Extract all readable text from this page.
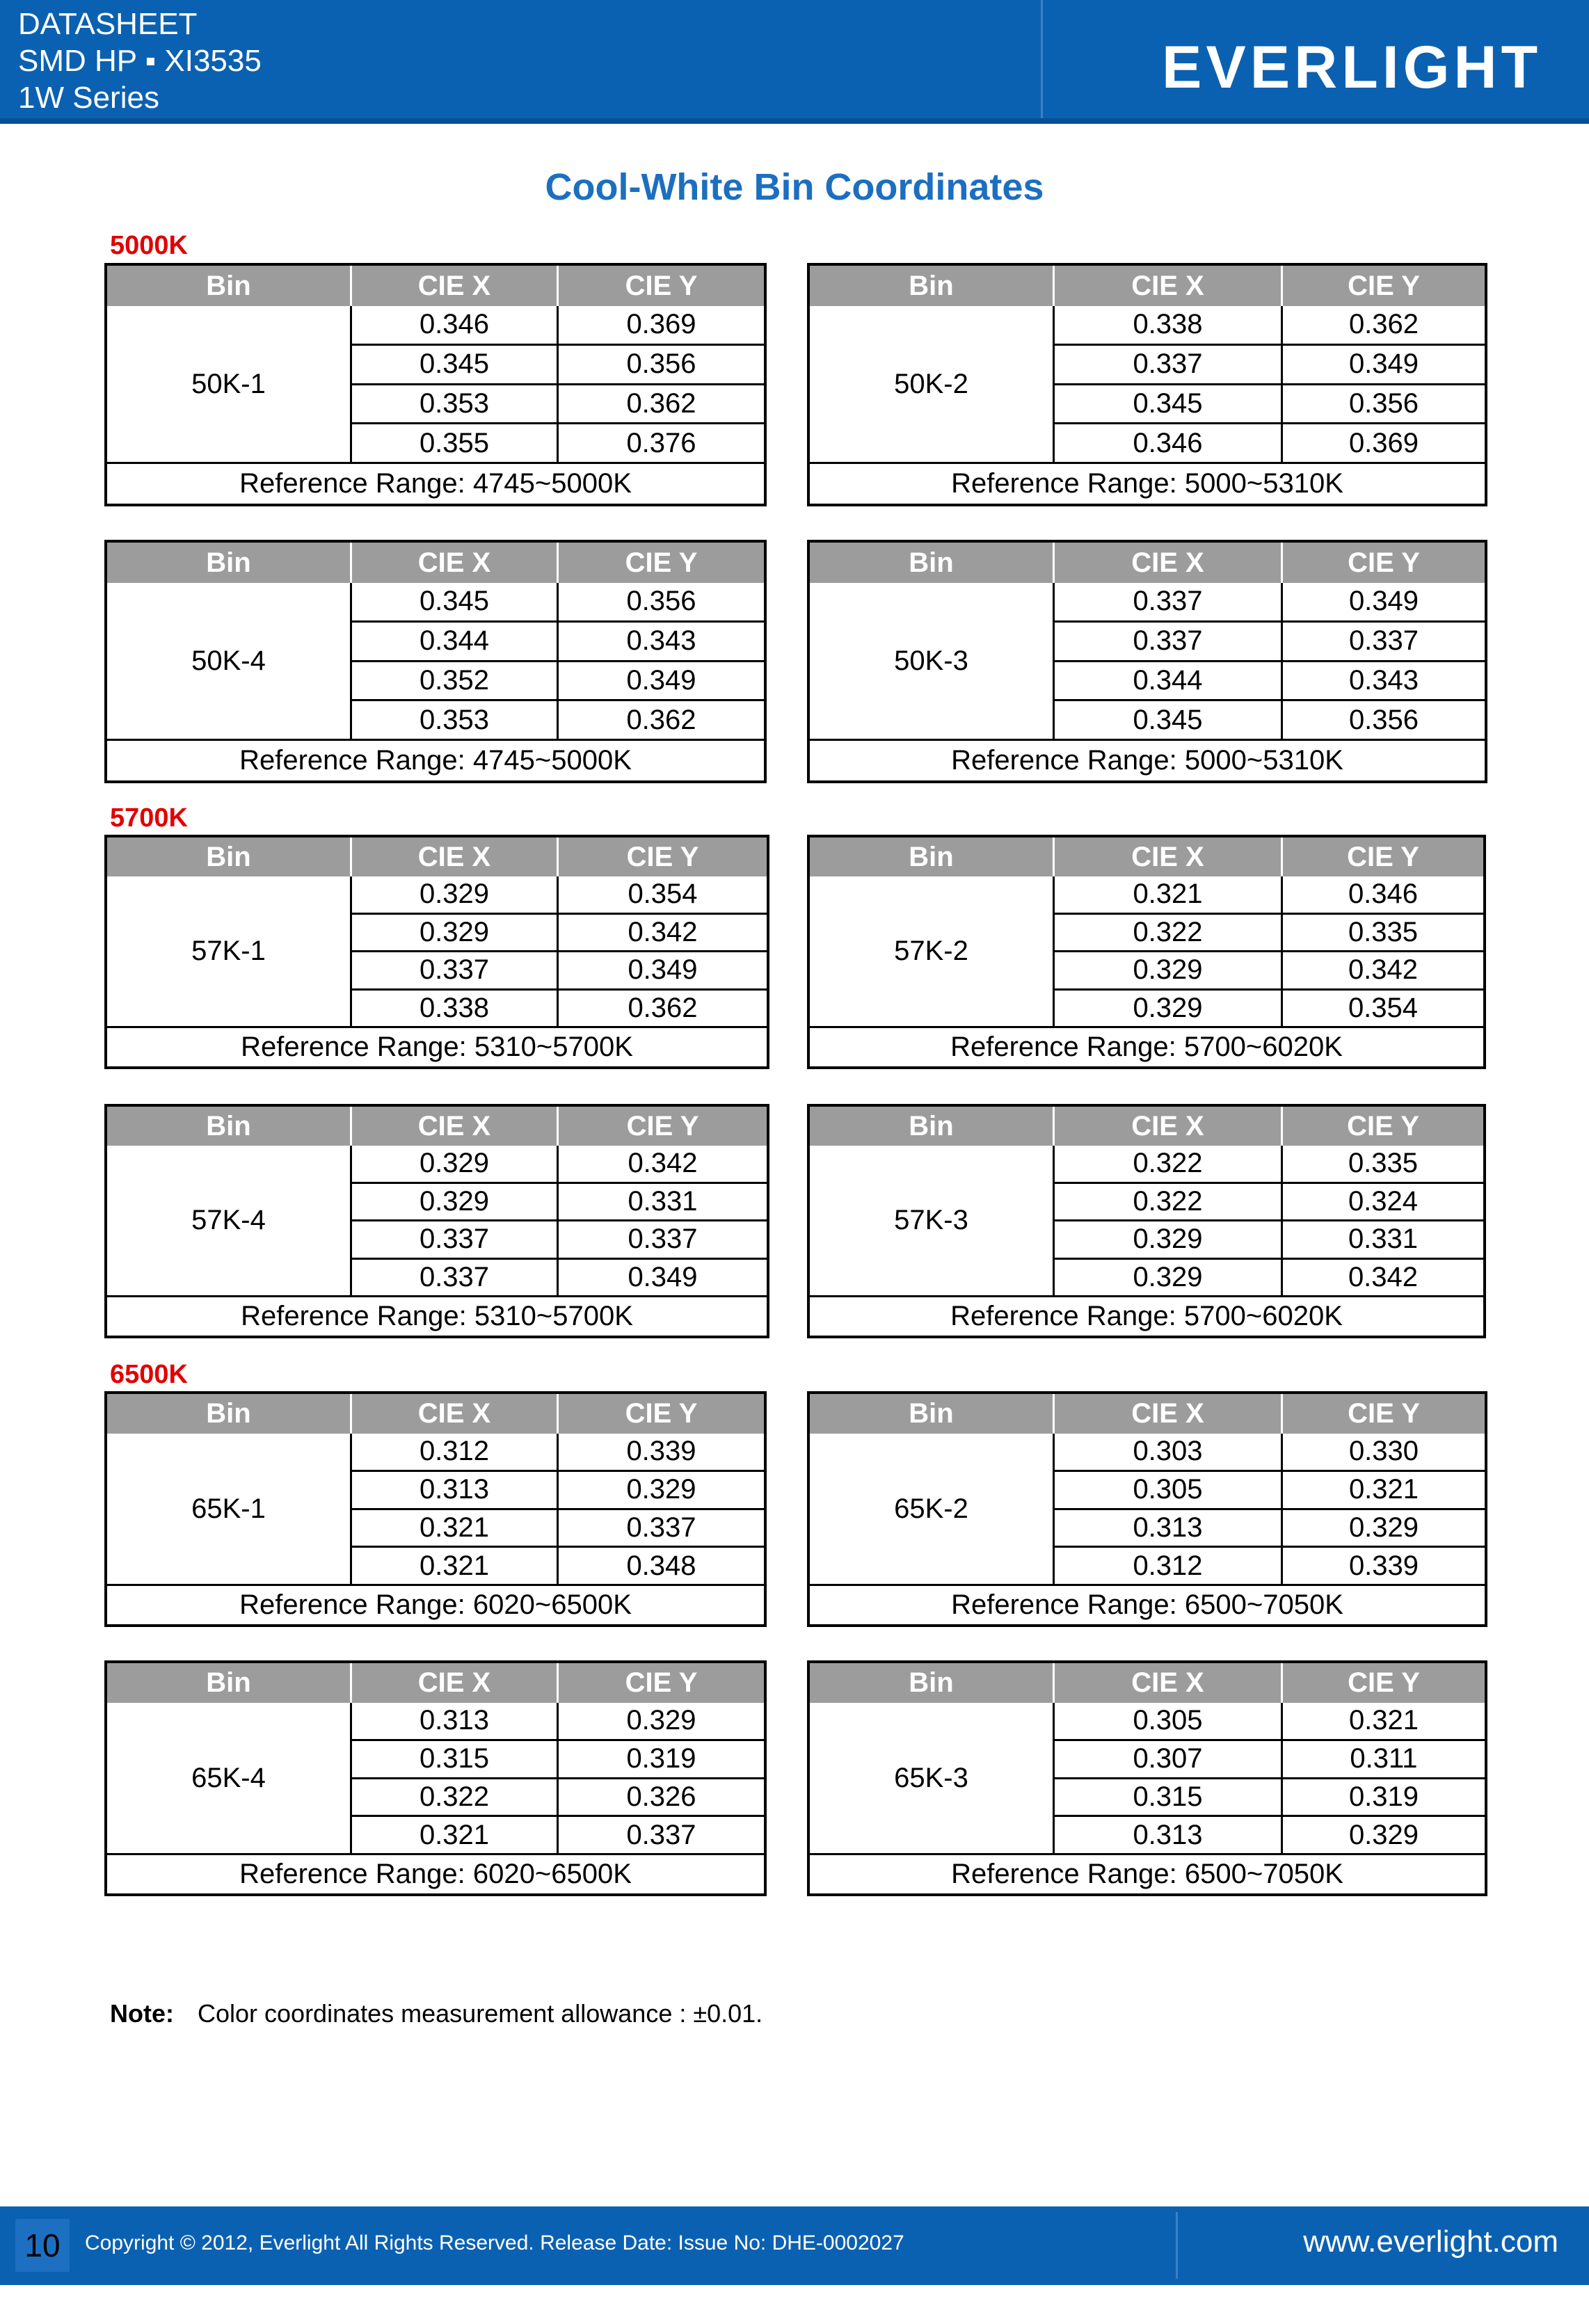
DATASHEET
SMD HP ▪ XI3535
1W Series	EVERLIGHT
Cool-White Bin Coordinates
5000K
5700K
6500K
Bin	CIE X	CIE Y
50K-1
0.346	0.369
0.345	0.356
0.353	0.362
0.355	0.376
Reference Range: 4745~5000K
Bin	CIE X	CIE Y
50K-2
0.338	0.362
0.337	0.349
0.345	0.356
0.346	0.369
Reference Range: 5000~5310K
Bin	CIE X	CIE Y
50K-4
0.345	0.356
0.344	0.343
0.352	0.349
0.353	0.362
Reference Range: 4745~5000K
Bin	CIE X	CIE Y
50K-3
0.337	0.349
0.337	0.337
0.344	0.343
0.345	0.356
Reference Range: 5000~5310K
Bin	CIE X	CIE Y
57K-1
0.329	0.354
0.329	0.342
0.337	0.349
0.338	0.362
Reference Range: 5310~5700K
Bin	CIE X	CIE Y
57K-2
0.321	0.346
0.322	0.335
0.329	0.342
0.329	0.354
Reference Range: 5700~6020K
Bin	CIE X	CIE Y
57K-4
0.329	0.342
0.329	0.331
0.337	0.337
0.337	0.349
Reference Range: 5310~5700K
Bin	CIE X	CIE Y
57K-3
0.322	0.335
0.322	0.324
0.329	0.331
0.329	0.342
Reference Range: 5700~6020K
Bin	CIE X	CIE Y
65K-1
0.312	0.339
0.313	0.329
0.321	0.337
0.321	0.348
Reference Range: 6020~6500K
Bin	CIE X	CIE Y
65K-2
0.303	0.330
0.305	0.321
0.313	0.329
0.312	0.339
Reference Range: 6500~7050K
Bin	CIE X	CIE Y
65K-4
0.313	0.329
0.315	0.319
0.322	0.326
0.321	0.337
Reference Range: 6020~6500K
Bin	CIE X	CIE Y
65K-3
0.305	0.321
0.307	0.311
0.315	0.319
0.313	0.329
Reference Range: 6500~7050K
Note: Color coordinates measurement allowance : ±0.01.
10	Copyright © 2012, Everlight All Rights Reserved. Release Date: Issue No: DHE-0002027	www.everlight.com
